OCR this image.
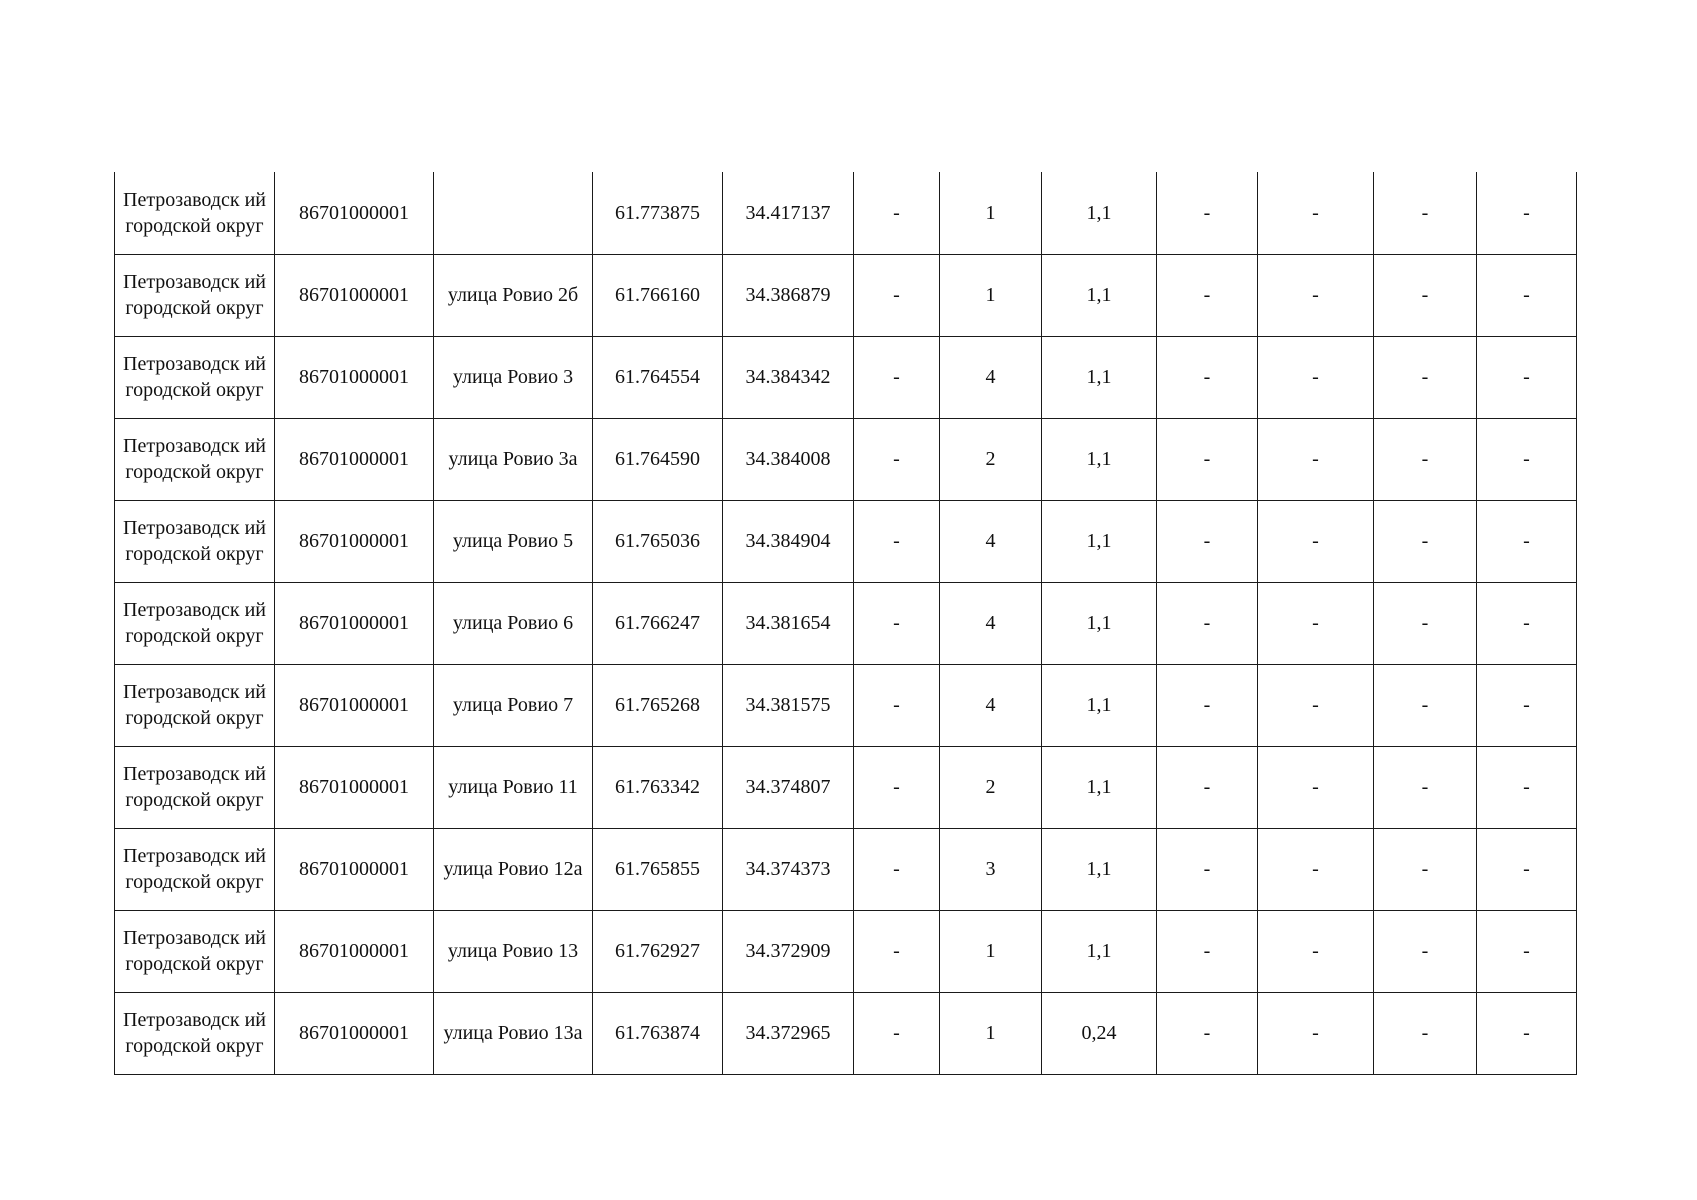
Петрозаводск ий городской округ	86701000001		61.773875	34.417137	-	1	1,1	-	-	-	-
Петрозаводск ий городской округ	86701000001	улица Ровио 2б	61.766160	34.386879	-	1	1,1	-	-	-	-
Петрозаводск ий городской округ	86701000001	улица Ровио 3	61.764554	34.384342	-	4	1,1	-	-	-	-
Петрозаводск ий городской округ	86701000001	улица Ровио 3а	61.764590	34.384008	-	2	1,1	-	-	-	-
Петрозаводск ий городской округ	86701000001	улица Ровио 5	61.765036	34.384904	-	4	1,1	-	-	-	-
Петрозаводск ий городской округ	86701000001	улица Ровио 6	61.766247	34.381654	-	4	1,1	-	-	-	-
Петрозаводск ий городской округ	86701000001	улица Ровио 7	61.765268	34.381575	-	4	1,1	-	-	-	-
Петрозаводск ий городской округ	86701000001	улица Ровио 11	61.763342	34.374807	-	2	1,1	-	-	-	-
Петрозаводск ий городской округ	86701000001	улица Ровио 12а	61.765855	34.374373	-	3	1,1	-	-	-	-
Петрозаводск ий городской округ	86701000001	улица Ровио 13	61.762927	34.372909	-	1	1,1	-	-	-	-
Петрозаводск ий городской округ	86701000001	улица Ровио 13а	61.763874	34.372965	-	1	0,24	-	-	-	-
